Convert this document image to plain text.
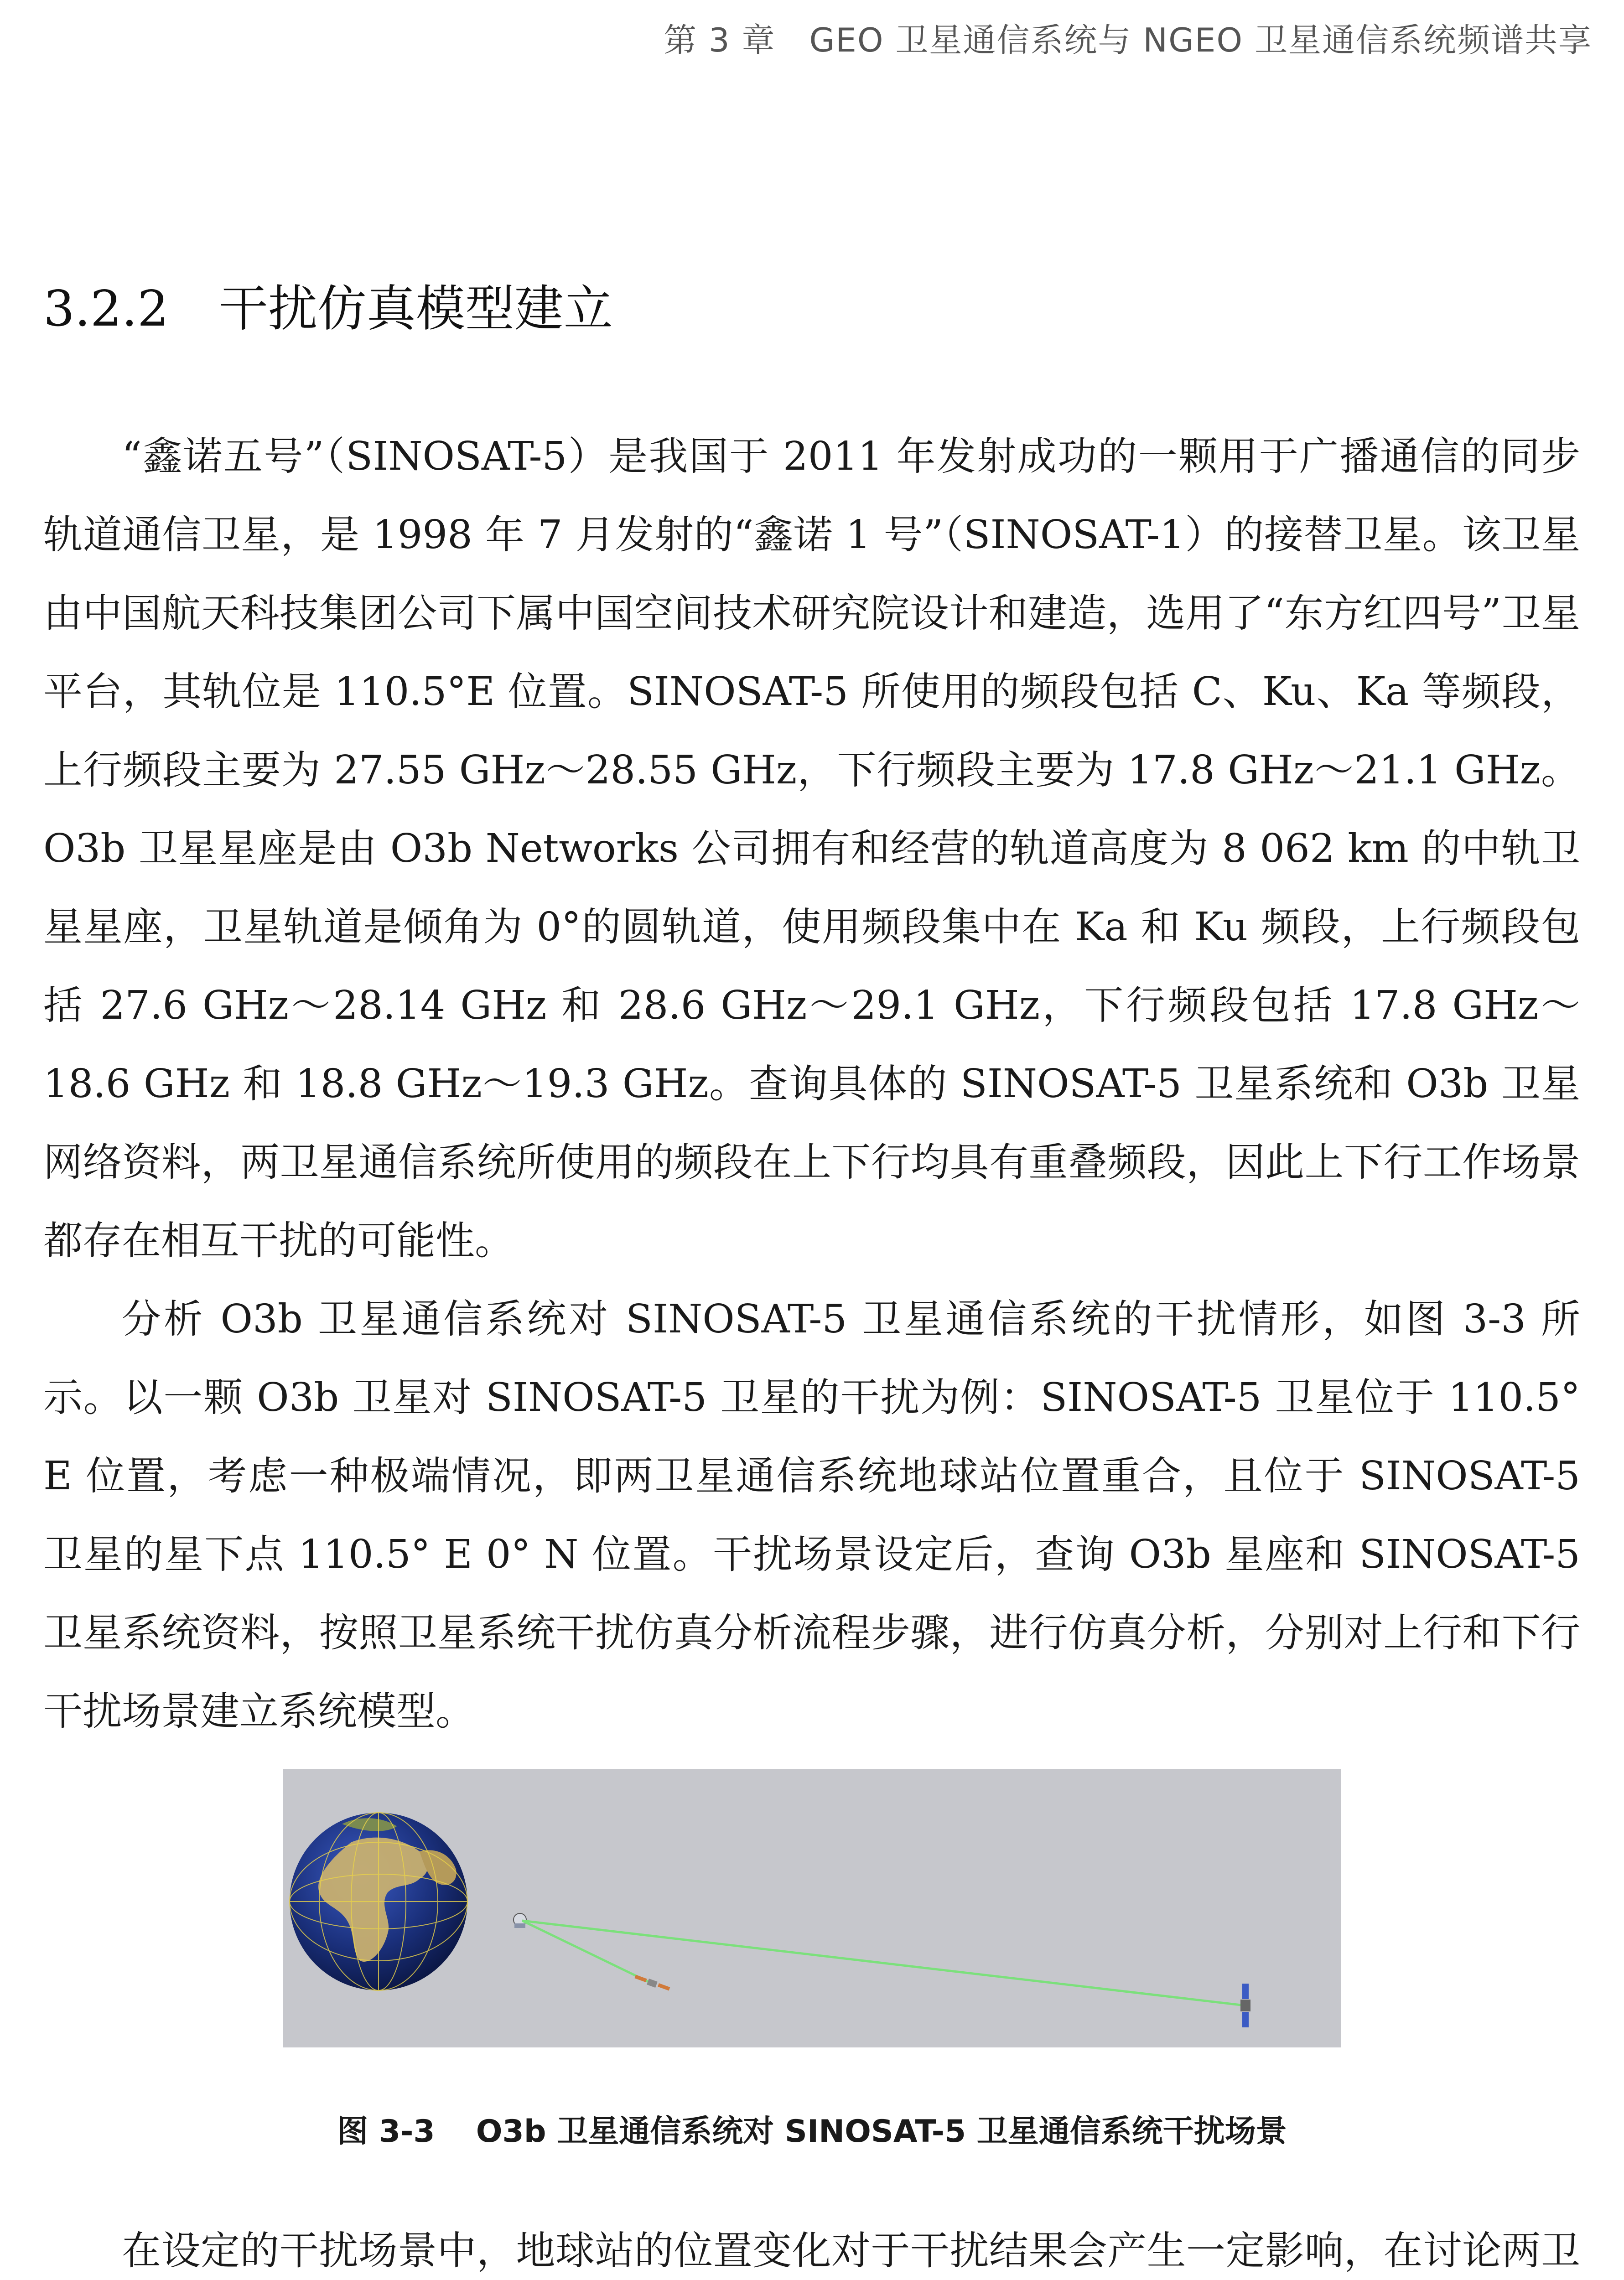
第 3 章　GEO 卫星通信系统与 NGEO 卫星通信系统频谱共享
3.2.2 干扰仿真模型建立

“鑫诺五号”（SINOSAT-5）是我国于 2011 年发射成功的一颗用于广播通信的同步轨道通信卫星，是 1998 年 7 月发射的“鑫诺 1 号”（SINOSAT-1）的接替卫星。该卫星由中国航天科技集团公司下属中国空间技术研究院设计和建造，选用了“东方红四号”卫星平台，其轨位是 110.5°E 位置。SINOSAT-5 所使用的频段包括 C、Ku、Ka 等频段，上行频段主要为 27.55 GHz～28.55 GHz，下行频段主要为 17.8 GHz～21.1 GHz。O3b 卫星星座是由 O3b Networks 公司拥有和经营的轨道高度为 8 062 km 的中轨卫星星座，卫星轨道是倾角为 0°的圆轨道，使用频段集中在 Ka 和 Ku 频段，上行频段包括 27.6 GHz～28.14 GHz 和 28.6 GHz～29.1 GHz，下行频段包括 17.8 GHz～18.6 GHz 和 18.8 GHz～19.3 GHz。查询具体的 SINOSAT-5 卫星系统和 O3b 卫星网络资料，两卫星通信系统所使用的频段在上下行均具有重叠频段，因此上下行工作场景都存在相互干扰的可能性。

分析 O3b 卫星通信系统对 SINOSAT-5 卫星通信系统的干扰情形，如图 3-3 所示。以一颗 O3b 卫星对 SINOSAT-5 卫星的干扰为例：SINOSAT-5 卫星位于 110.5° E 位置，考虑一种极端情况，即两卫星通信系统地球站位置重合，且位于 SINOSAT-5 卫星的星下点 110.5° E 0° N 位置。干扰场景设定后，查询 O3b 星座和 SINOSAT-5 卫星系统资料，按照卫星系统干扰仿真分析流程步骤，进行仿真分析，分别对上行和下行干扰场景建立系统模型。

图 3-3 O3b 卫星通信系统对 SINOSAT-5 卫星通信系统干扰场景

在设定的干扰场景中，地球站的位置变化对于干扰结果会产生一定影响，在讨论两卫
